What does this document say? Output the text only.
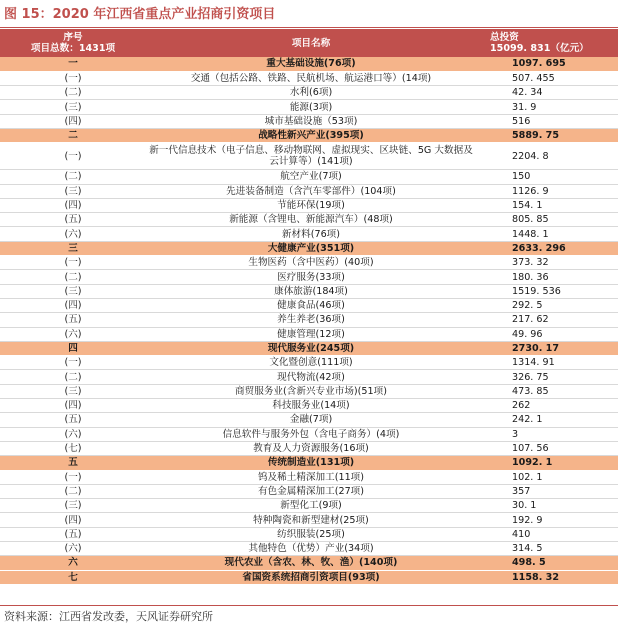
图 15：2020 年江西省重点产业招商引资项目
序号
项目总数：1431项	项目名称	总投资
15099. 831（亿元）

一	重大基础设施(76项)	1097. 695
(一)	交通（包括公路、铁路、民航机场、航运港口等）(14项)	507. 455
(二)	水利(6项)	42. 34
(三)	能源(3项)	31. 9
(四)	城市基础设施（53项)	516
二	战略性新兴产业(395项)	5889. 75
(一)	新一代信息技术（电子信息、移动物联网、虚拟现实、区块链、5G 大数据及云计算等）(141项)	2204. 8
(二)	航空产业(7项)	150
(三)	先进装备制造（含汽车零部件）(104项)	1126. 9
(四)	节能环保(19项)	154. 1
(五)	新能源（含锂电、新能源汽车）(48项)	805. 85
(六)	新材料(76项)	1448. 1
三	大健康产业(351项)	2633. 296
(一)	生物医药（含中医药）(40项)	373. 32
(二)	医疗服务(33项)	180. 36
(三)	康体旅游(184项)	1519. 536
(四)	健康食品(46项)	292. 5
(五)	养生养老(36项)	217. 62
(六)	健康管理(12项)	49. 96
四	现代服务业(245项)	2730. 17
(一)	文化暨创意(111项)	1314. 91
(二)	现代物流(42项)	326. 75
(三)	商贸服务业(含新兴专业市场)(51项)	473. 85
(四)	科技服务业(14项)	262
(五)	金融(7项)	242. 1
(六)	信息软件与服务外包（含电子商务）(4项)	3
(七)	教育及人力资源服务(16项)	107. 56
五	传统制造业(131项)	1092. 1
(一)	钨及稀土精深加工(11项)	102. 1
(二)	有色金属精深加工(27项)	357
(三)	新型化工(9项)	30. 1
(四)	特种陶瓷和新型建材(25项)	192. 9
(五)	纺织服装(25项)	410
(六)	其他特色（优势）产业(34项)	314. 5
六	现代农业（含农、林、牧、渔）(140项)	498. 5
七	省国资系统招商引资项目(93项)	1158. 32
资料来源：江西省发改委，天风证券研究所
